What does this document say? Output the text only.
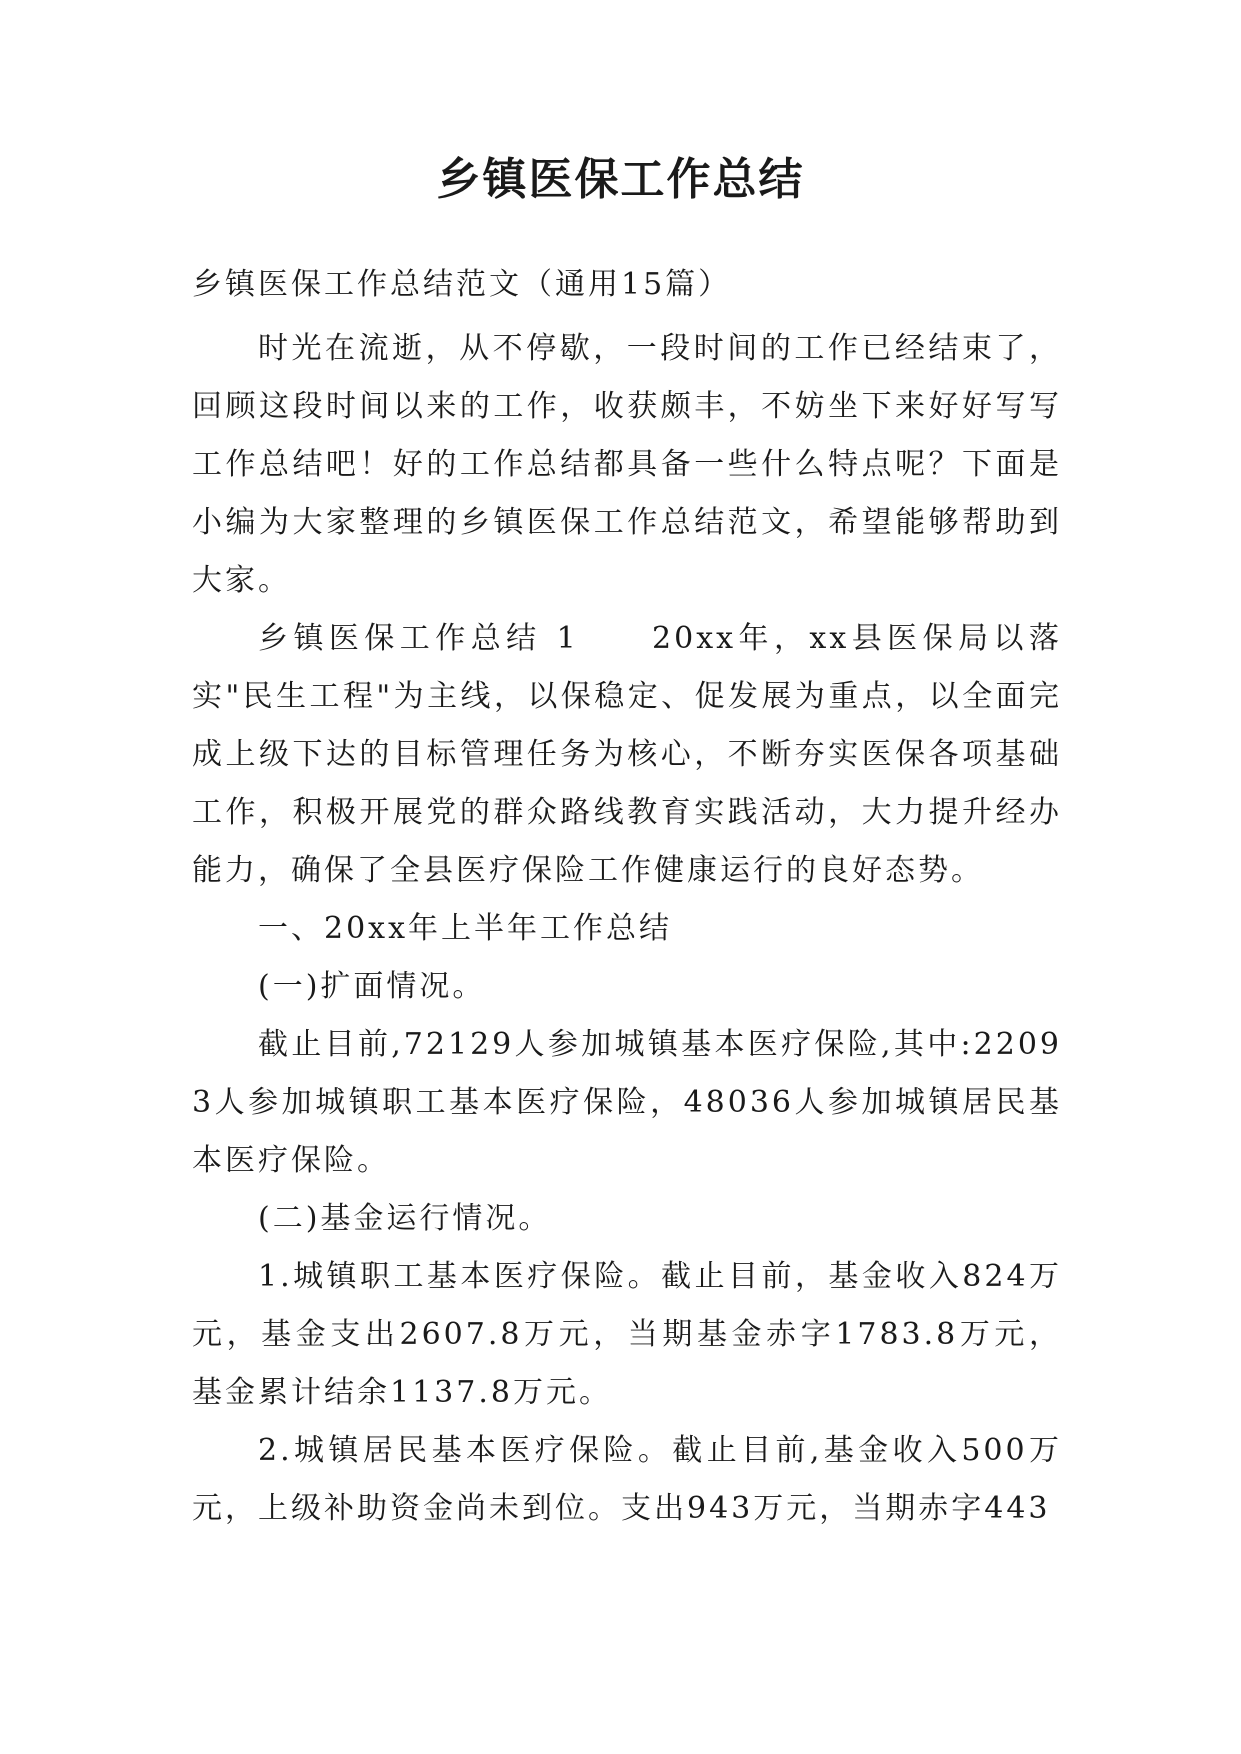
乡镇医保工作总结

乡镇医保工作总结范文（通用15篇）

时光在流逝，从不停歇，一段时间的工作已经结束了，回顾这段时间以来的工作，收获颇丰，不妨坐下来好好写写工作总结吧！好的工作总结都具备一些什么特点呢？下面是小编为大家整理的乡镇医保工作总结范文，希望能够帮助到大家。

乡镇医保工作总结 1　　20xx年，xx县医保局以落实"民生工程"为主线，以保稳定、促发展为重点，以全面完成上级下达的目标管理任务为核心，不断夯实医保各项基础工作，积极开展党的群众路线教育实践活动，大力提升经办能力，确保了全县医疗保险工作健康运行的良好态势。

一、20xx年上半年工作总结

(一)扩面情况。

截止目前,72129人参加城镇基本医疗保险,其中:22093人参加城镇职工基本医疗保险，48036人参加城镇居民基本医疗保险。

(二)基金运行情况。

1.城镇职工基本医疗保险。截止目前，基金收入824万元，基金支出2607.8万元，当期基金赤字1783.8万元，基金累计结余1137.8万元。

2.城镇居民基本医疗保险。截止目前,基金收入500万元，上级补助资金尚未到位。支出943万元，当期赤字443
